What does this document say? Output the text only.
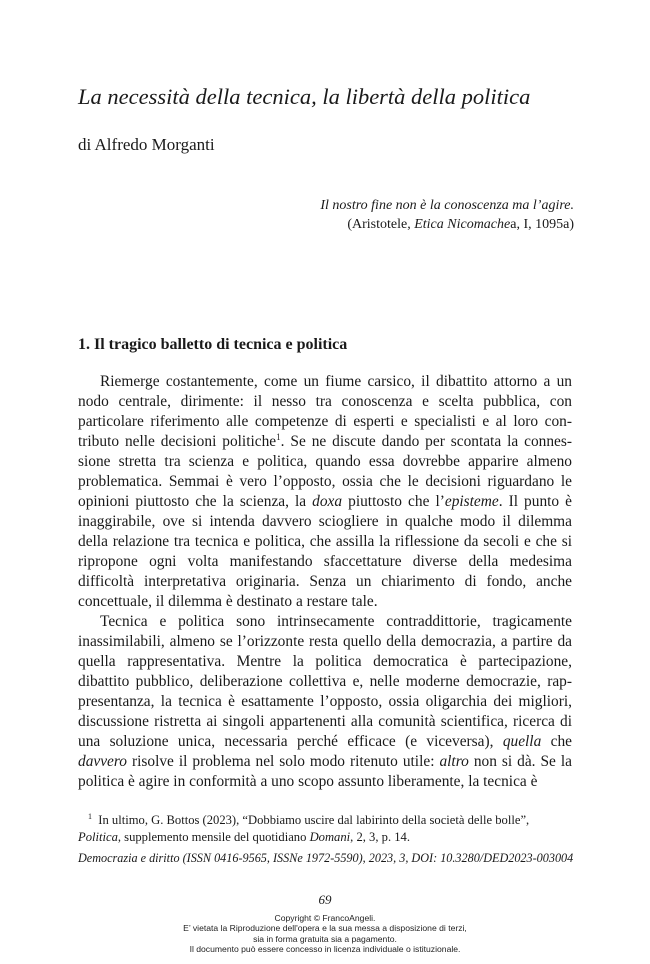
La necessità della tecnica, la libertà della politica
di Alfredo Morganti
Il nostro fine non è la conoscenza ma l’agire.
(Aristotele, Etica Nicomachea, I, 1095a)
1. Il tragico balletto di tecnica e politica

Riemerge costantemente, come un fiume carsico, il dibattito attorno a un nodo centrale, dirimente: il nesso tra conoscenza e scelta pubblica, con particolare riferimento alle competenze di esperti e specialisti e al loro contributo nelle decisioni politiche$^1$. Se ne discute dando per scontata la connessione stretta tra scienza e politica, quando essa dovrebbe apparire almeno problematica. Semmai è vero l’opposto, ossia che le decisioni riguardano le opinioni piuttosto che la scienza, la doxa piuttosto che l’episteme. Il punto è inaggirabile, ove si intenda davvero sciogliere in qualche modo il dilemma della relazione tra tecnica e politica, che assilla la riflessione da secoli e che si ripropone ogni volta manifestando sfaccettature diverse della medesima difficoltà interpretativa originaria. Senza un chiarimento di fondo, anche concettuale, il dilemma è destinato a restare tale.

Tecnica e politica sono intrinsecamente contraddittorie, tragicamente inassimilabili, almeno se l’orizzonte resta quello della democrazia, a partire da quella rappresentativa. Mentre la politica democratica è partecipazione, dibattito pubblico, deliberazione collettiva e, nelle moderne democrazie, rappresentanza, la tecnica è esattamente l’opposto, ossia oligarchia dei migliori, discussione ristretta ai singoli appartenenti alla comunità scientifica, ricerca di una soluzione unica, necessaria perché efficace (e viceversa), quella che davvero risolve il problema nel solo modo ritenuto utile: altro non si dà. Se la politica è agire in conformità a uno scopo assunto liberamente, la tecnica è

$^1$ In ultimo, G. Bottos (2023), “Dobbiamo uscire dal labirinto della società delle bolle”, Politica, supplemento mensile del quotidiano Domani, 2, 3, p. 14.
Democrazia e diritto (ISSN 0416-9565, ISSNe 1972-5590), 2023, 3, DOI: 10.3280/DED2023-003004
69
Copyright © FrancoAngeli.
E’ vietata la Riproduzione dell'opera e la sua messa a disposizione di terzi,
sia in forma gratuita sia a pagamento.
Il documento può essere concesso in licenza individuale o istituzionale.
